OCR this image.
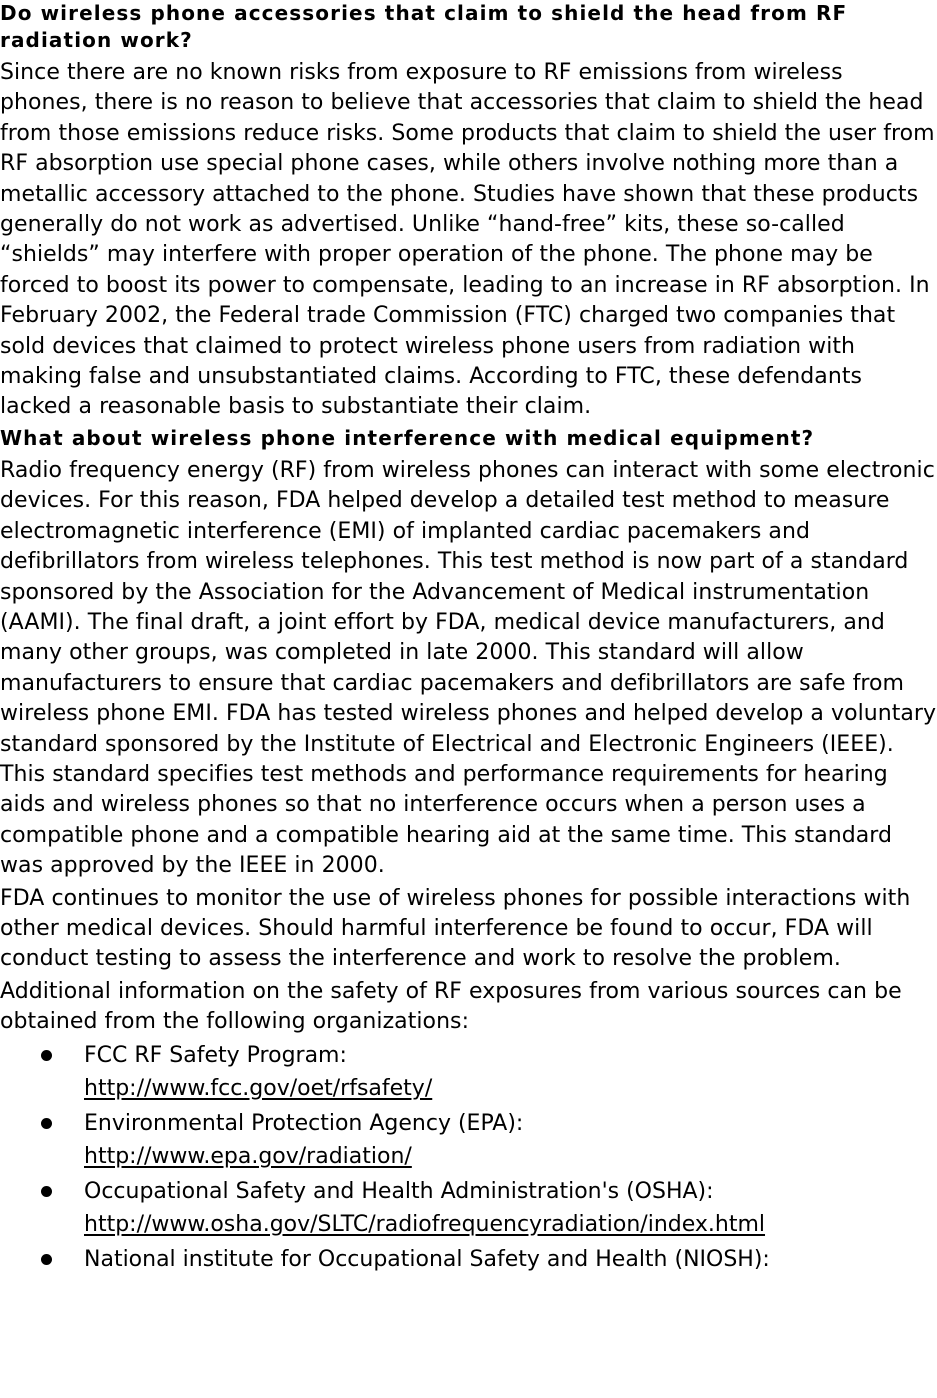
Do wireless phone accessories that claim to shield the head from RF radiation work?

Since there are no known risks from exposure to RF emissions from wireless phones, there is no reason to believe that accessories that claim to shield the head from those emissions reduce risks. Some products that claim to shield the user from RF absorption use special phone cases, while others involve nothing more than a metallic accessory attached to the phone. Studies have shown that these products generally do not work as advertised. Unlike “hand-free” kits, these so-called “shields” may interfere with proper operation of the phone. The phone may be forced to boost its power to compensate, leading to an increase in RF absorption. In February 2002, the Federal trade Commission (FTC) charged two companies that sold devices that claimed to protect wireless phone users from radiation with making false and unsubstantiated claims. According to FTC, these defendants lacked a reasonable basis to substantiate their claim.

What about wireless phone interference with medical equipment?

Radio frequency energy (RF) from wireless phones can interact with some electronic devices. For this reason, FDA helped develop a detailed test method to measure electromagnetic interference (EMI) of implanted cardiac pacemakers and defibrillators from wireless telephones. This test method is now part of a standard sponsored by the Association for the Advancement of Medical instrumentation (AAMI). The final draft, a joint effort by FDA, medical device manufacturers, and many other groups, was completed in late 2000. This standard will allow manufacturers to ensure that cardiac pacemakers and defibrillators are safe from wireless phone EMI. FDA has tested wireless phones and helped develop a voluntary standard sponsored by the Institute of Electrical and Electronic Engineers (IEEE). This standard specifies test methods and performance requirements for hearing aids and wireless phones so that no interference occurs when a person uses a compatible phone and a compatible hearing aid at the same time. This standard was approved by the IEEE in 2000.

FDA continues to monitor the use of wireless phones for possible interactions with other medical devices. Should harmful interference be found to occur, FDA will conduct testing to assess the interference and work to resolve the problem.

Additional information on the safety of RF exposures from various sources can be obtained from the following organizations:

FCC RF Safety Program:
http://www.fcc.gov/oet/rfsafety/
Environmental Protection Agency (EPA):
http://www.epa.gov/radiation/
Occupational Safety and Health Administration's (OSHA):
http://www.osha.gov/SLTC/radiofrequencyradiation/index.html
National institute for Occupational Safety and Health (NIOSH):
